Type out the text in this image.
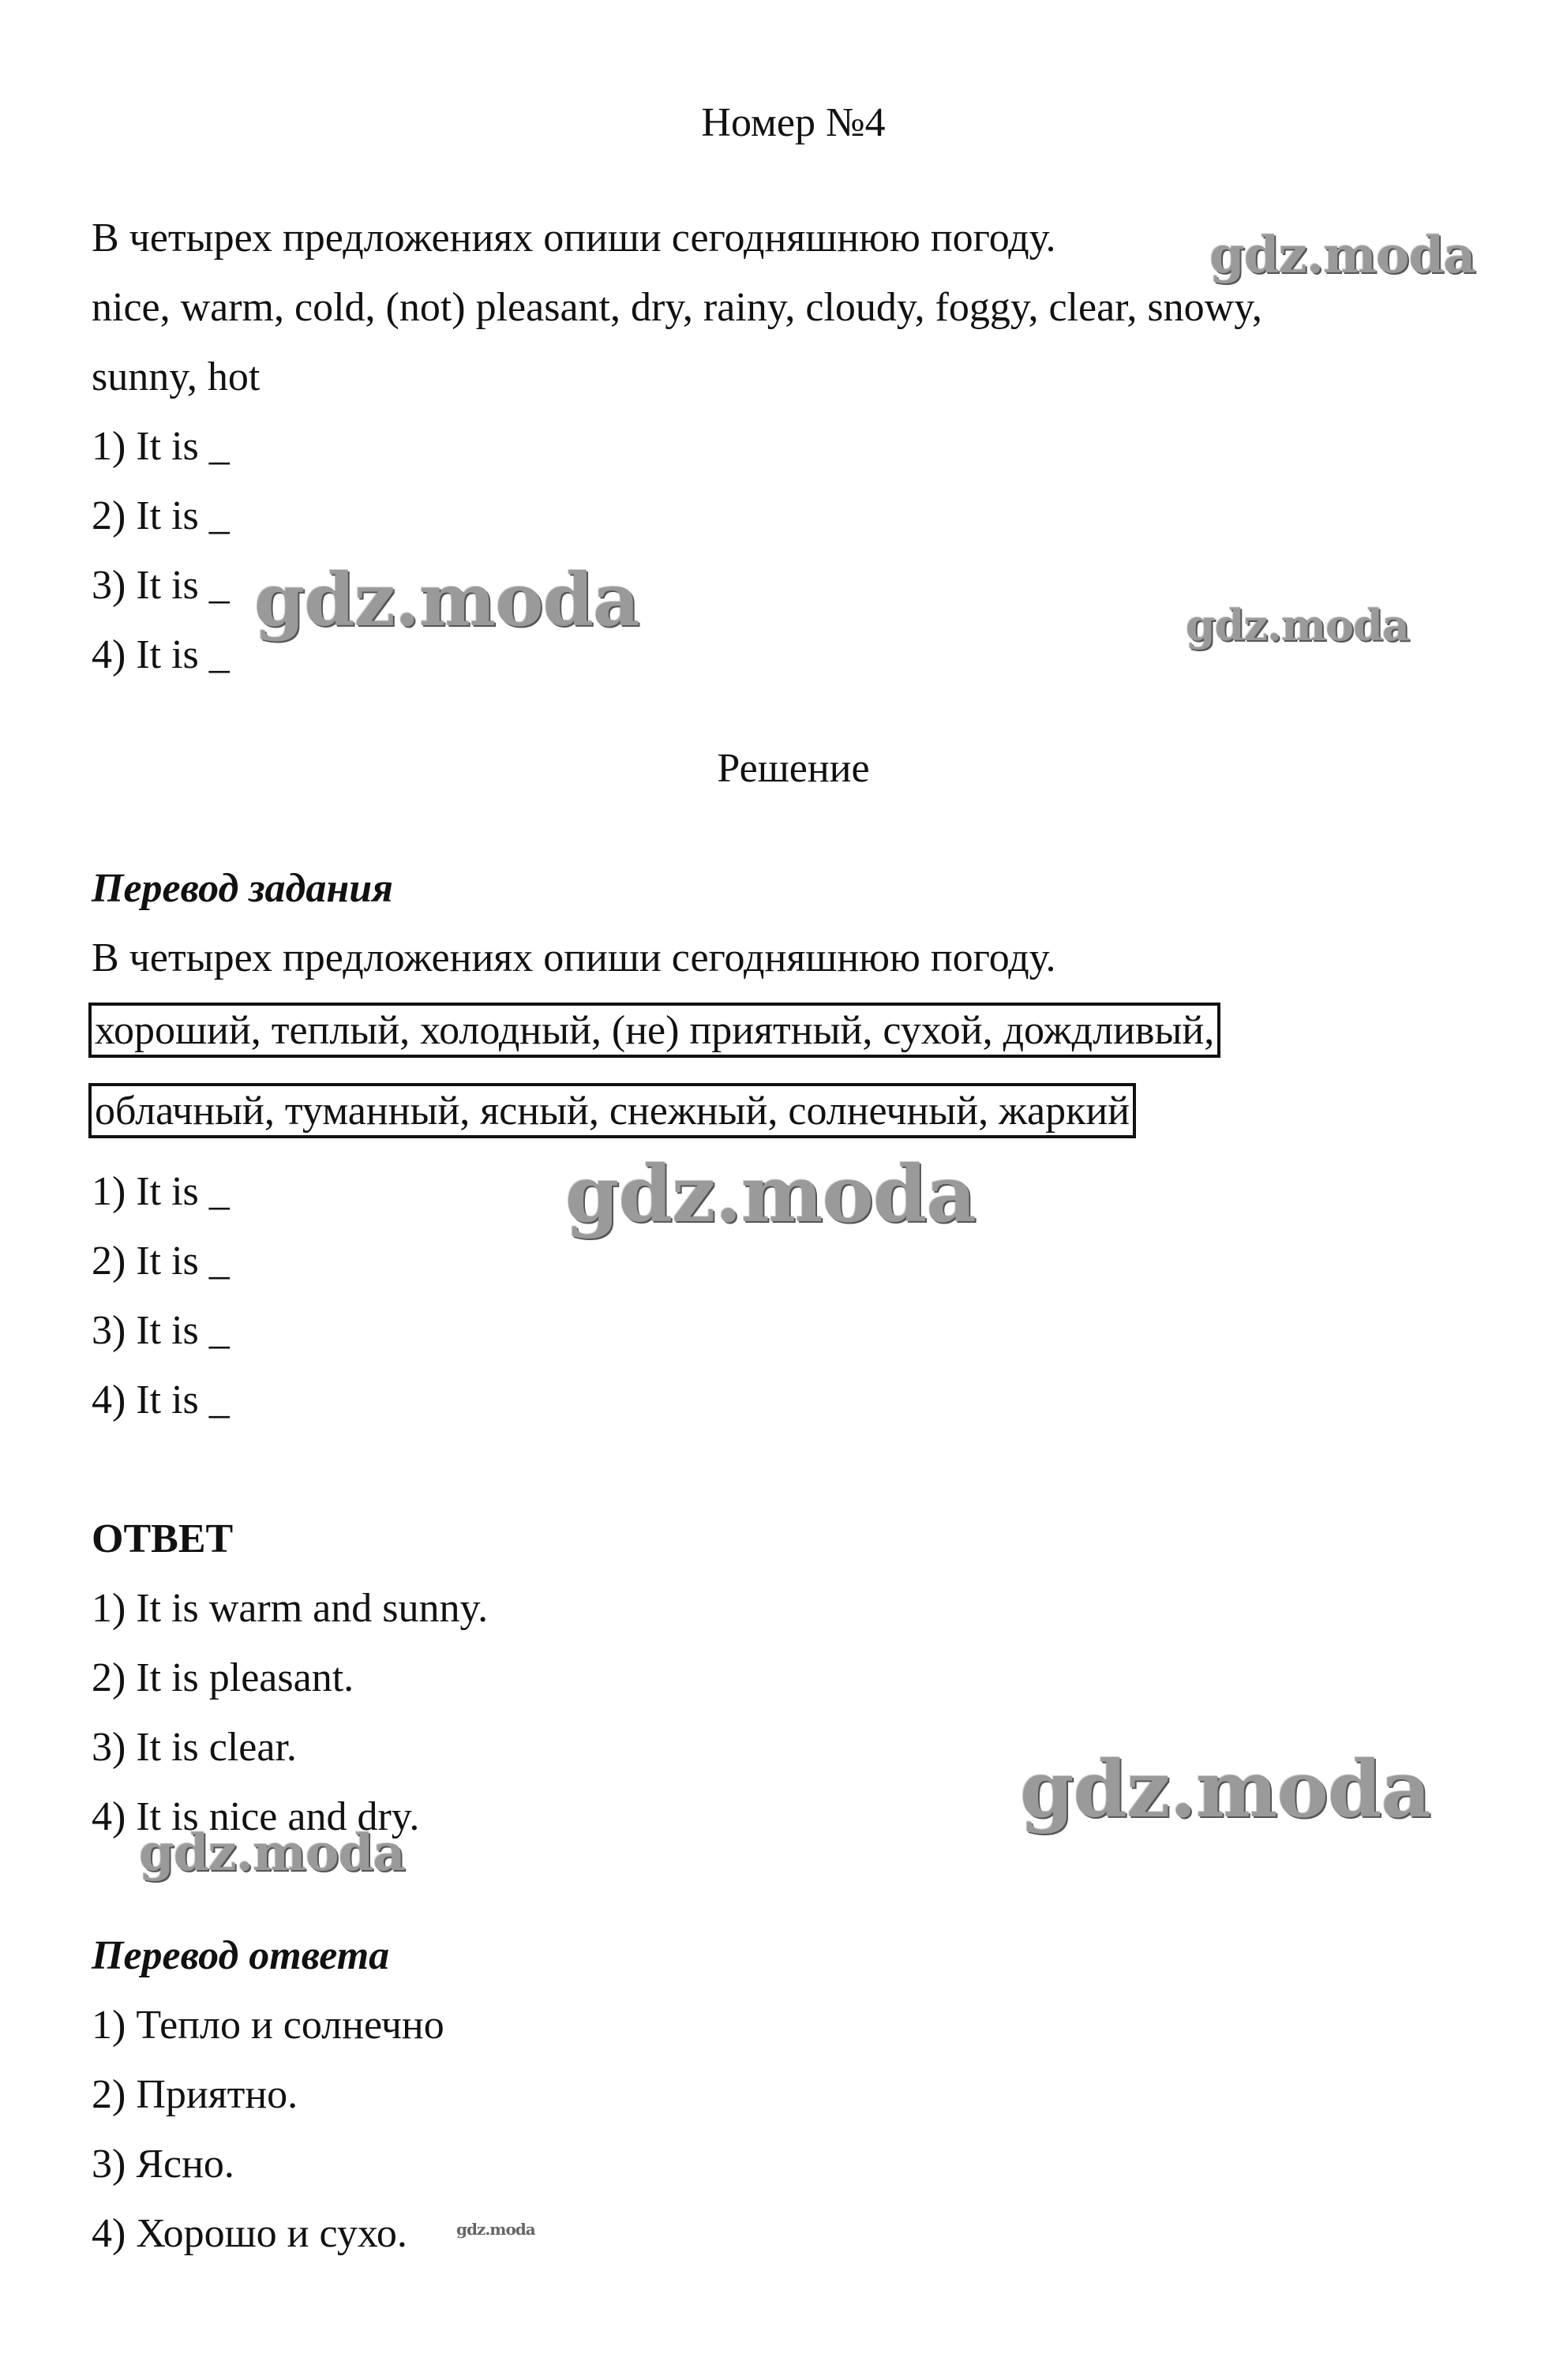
Номер №4
В четырех предложениях опиши сегодняшнюю погоду.
nice, warm, cold, (not) pleasant, dry, rainy, cloudy, foggy, clear, snowy,
sunny, hot
1) It is _
2) It is _
3) It is _
4) It is _
Решение
Перевод задания
В четырех предложениях опиши сегодняшнюю погоду.
хороший, теплый, холодный, (не) приятный, сухой, дождливый,
облачный, туманный, ясный, снежный, солнечный, жаркий
1) It is _
2) It is _
3) It is _
4) It is _
ОТВЕТ
1) It is warm and sunny.
2) It is pleasant.
3) It is clear.
4) It is nice and dry.
Перевод ответа
1) Тепло и солнечно
2) Приятно.
3) Ясно.
4) Хорошо и сухо.
gdz.moda
gdz.moda	gdz.moda
gdz.moda
gdz.moda
gdz.moda
gdz.moda
